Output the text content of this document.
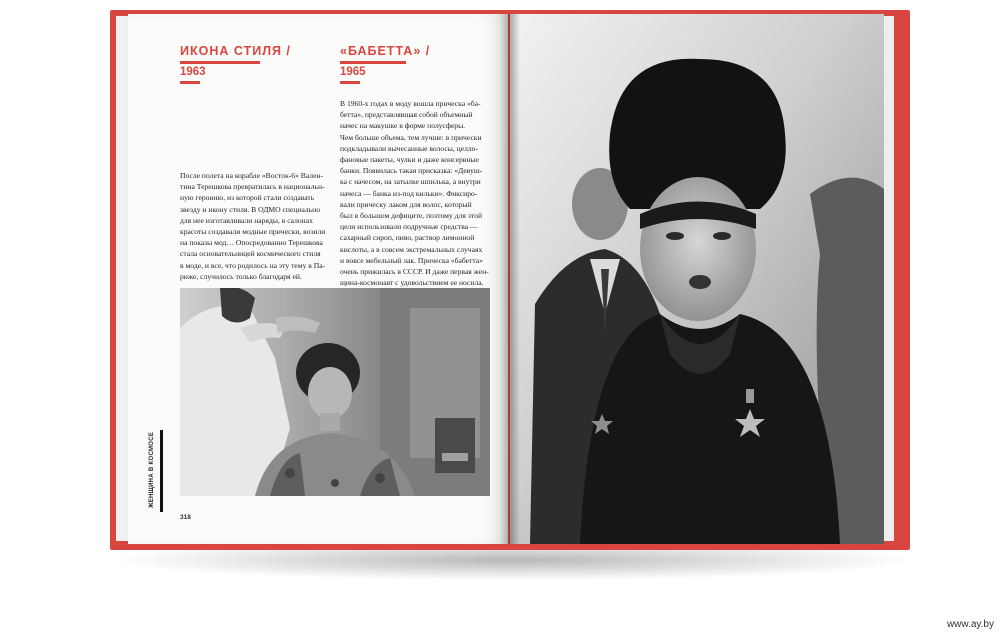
ИКОНА СТИЛЯ /
1963
«БАБЕТТА» /
1965

После полета на корабле «Восток-6» Вален-

тина Терешкова превратилась в национальн-

ную героиню, из которой стали создавать

звезду и икону стиля. В ОДМО специально

для нее изготавливали наряды, в салонах

красоты создавали модные прически, возили

на показы мод… Опосредованно Терешкова

стала основательницей космического стиля

в моде, и все, что родилось на эту тему в Па-

риже, случилось только благодаря ей.

В 1960-х годах в моду вошла прическа «ба-

бетта», представлявшая собой объемный

начес на макушке в форме полусферы.

Чем больше объема, тем лучше: в прически

подкладывали вычесанные волосы, целло-

фановые пакеты, чулки и даже консервные

банки. Появилась такая присказка: «Девуш-

ка с начесом, на затылке шпилька, а внутри

начеса — банка из-под кильки». Фиксиро-

вали прическу лаком для волос, который

был в большом дефиците, поэтому для этой

цели использовали подручные средства —

сахарный сироп, пиво, раствор лимонной

кислоты, а в совсем экстремальных случаях

и вовсе мебельный лак. Прическа «бабетта»

очень прижилась в СССР. И даже первая жен-

щина-космонавт с удовольствием ее носила.

ЖЕНЩИНА В КОСМОСЕ
318
www.ay.by
